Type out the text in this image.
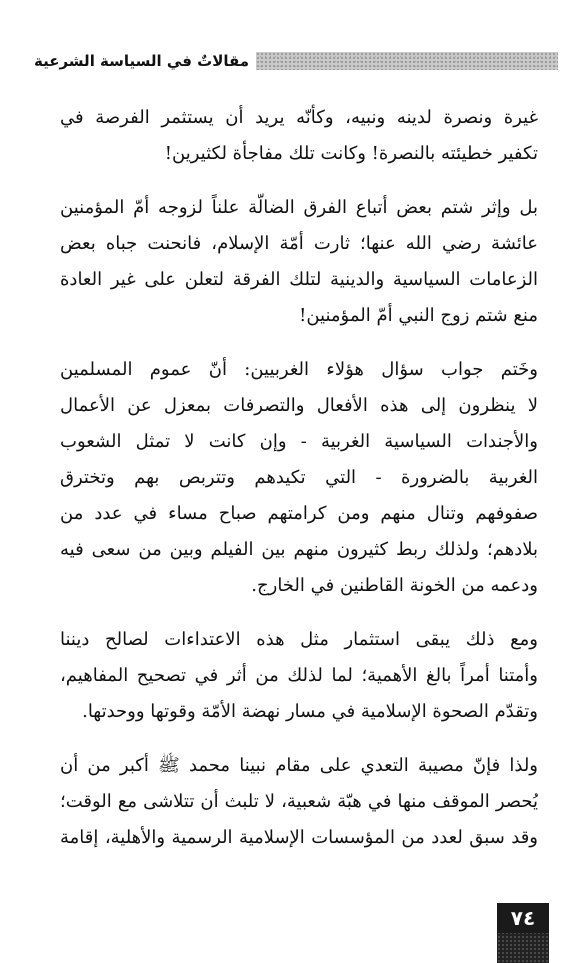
مقالاتٌ في السياسة الشرعية
غيرة ونصرة لدينه ونبيه، وكأنّه يريد أن يستثمر الفرصة في
تكفير خطيئته بالنصرة! وكانت تلك مفاجأة لكثيرين!
بل وإثر شتم بعض أتباع الفرق الضالّة علناً لزوجه أمّ المؤمنين
عائشة رضي الله عنها؛ ثارت أمّة الإسلام، فانحنت جباه بعض
الزعامات السياسية والدينية لتلك الفرقة لتعلن على غير العادة
منع شتم زوج النبي أمّ المؤمنين!
وخَتم جواب سؤال هؤلاء الغربيين: أنّ عموم المسلمين
لا ينظرون إلى هذه الأفعال والتصرفات بمعزل عن الأعمال
والأجندات السياسية الغربية - وإن كانت لا تمثل الشعوب
الغربية بالضرورة - التي تكيدهم وتتربص بهم وتخترق
صفوفهم وتنال منهم ومن كرامتهم صباح مساء في عدد من
بلادهم؛ ولذلك ربط كثيرون منهم بين الفيلم وبين من سعى فيه
ودعمه من الخونة القاطنين في الخارج.
ومع ذلك يبقى استثمار مثل هذه الاعتداءات لصالح ديننا
وأمتنا أمراً بالغ الأهمية؛ لما لذلك من أثر في تصحيح المفاهيم،
وتقدّم الصحوة الإسلامية في مسار نهضة الأمّة وقوتها ووحدتها.
ولذا فإنّ مصيبة التعدي على مقام نبينا محمد ﷺ أكبر من أن
يُحصر الموقف منها في هبّة شعبية، لا تلبث أن تتلاشى مع الوقت؛
وقد سبق لعدد من المؤسسات الإسلامية الرسمية والأهلية، إقامة
٧٤
